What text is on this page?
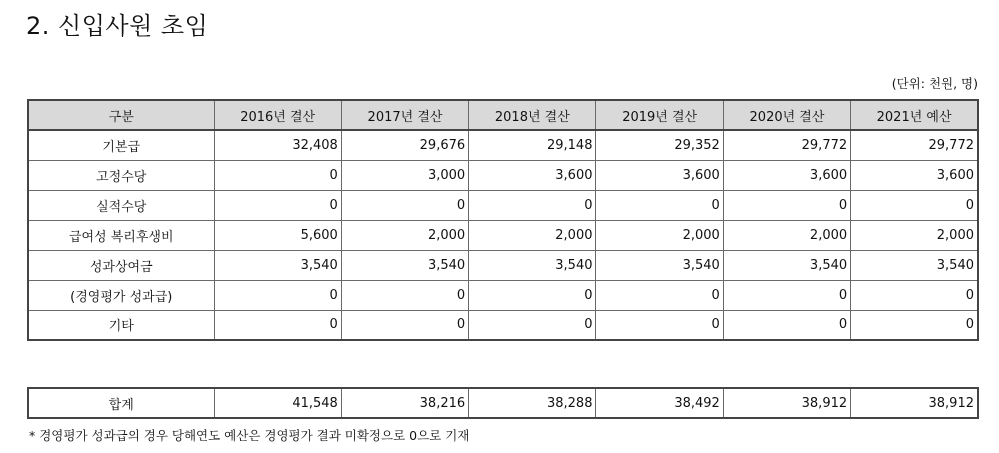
2. 신입사원 초임
(단위: 천원, 명)
구분	2016년 결산	2017년 결산	2018년 결산	2019년 결산	2020년 결산	2021년 예산
기본급	32,408	29,676	29,148	29,352	29,772	29,772
고정수당	0	3,000	3,600	3,600	3,600	3,600
실적수당	0	0	0	0	0	0
급여성 복리후생비	5,600	2,000	2,000	2,000	2,000	2,000
성과상여금	3,540	3,540	3,540	3,540	3,540	3,540
(경영평가 성과급)	0	0	0	0	0	0
기타	0	0	0	0	0	0
합계	41,548	38,216	38,288	38,492	38,912	38,912
* 경영평가 성과급의 경우 당해연도 예산은 경영평가 결과 미확정으로 0으로 기재
